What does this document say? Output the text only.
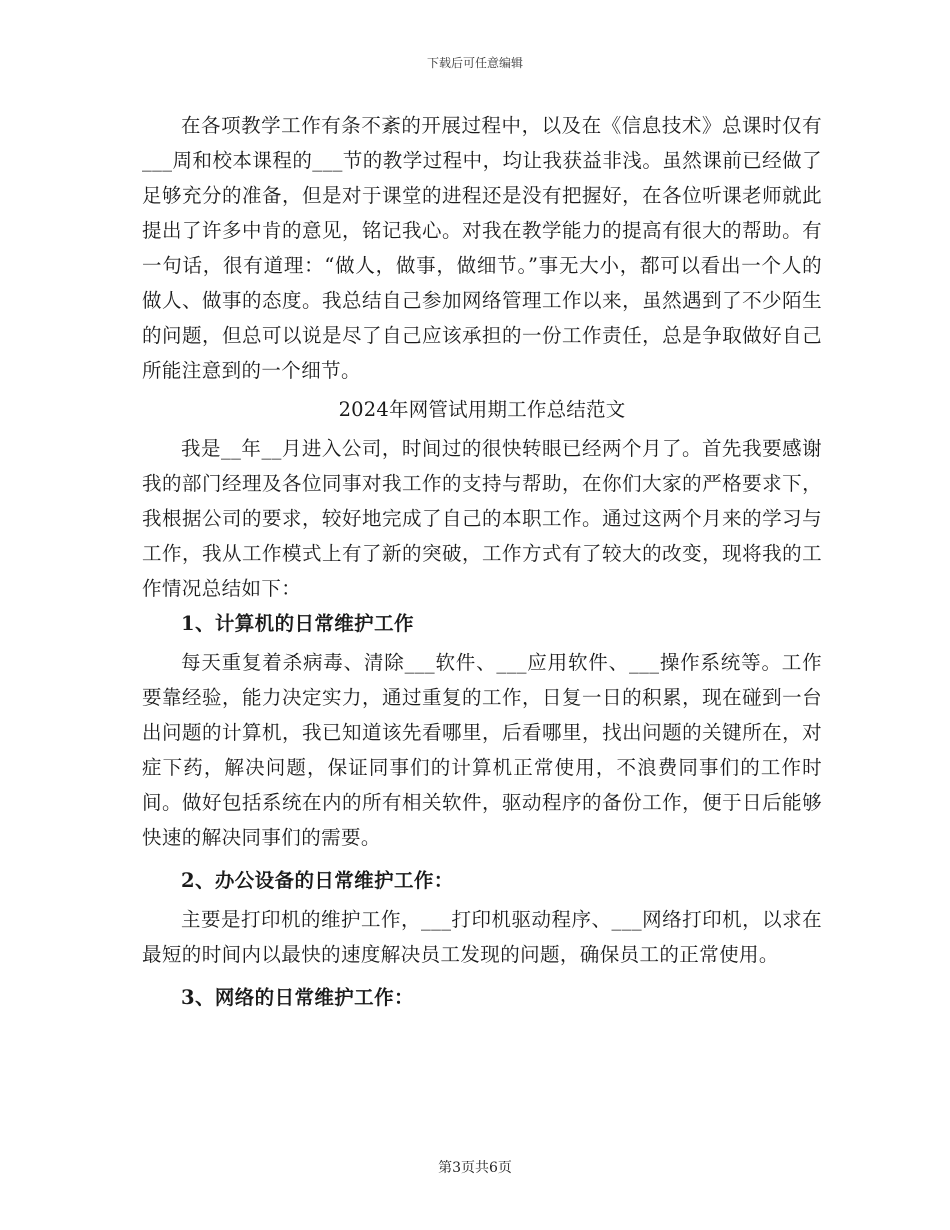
下载后可任意编辑

在各项教学工作有条不紊的开展过程中，以及在《信息技术》总课时仅有___周和校本课程的___节的教学过程中，均让我获益非浅。虽然课前已经做了足够充分的准备，但是对于课堂的进程还是没有把握好，在各位听课老师就此提出了许多中肯的意见，铭记我心。对我在教学能力的提高有很大的帮助。有一句话，很有道理：“做人，做事，做细节。”事无大小，都可以看出一个人的做人、做事的态度。我总结自己参加网络管理工作以来，虽然遇到了不少陌生的问题，但总可以说是尽了自己应该承担的一份工作责任，总是争取做好自己所能注意到的一个细节。

2024年网管试用期工作总结范文

我是__年__月进入公司，时间过的很快转眼已经两个月了。首先我要感谢我的部门经理及各位同事对我工作的支持与帮助，在你们大家的严格要求下，我根据公司的要求，较好地完成了自己的本职工作。通过这两个月来的学习与工作，我从工作模式上有了新的突破，工作方式有了较大的改变，现将我的工作情况总结如下：

1、计算机的日常维护工作

每天重复着杀病毒、清除___软件、___应用软件、___操作系统等。工作要靠经验，能力决定实力，通过重复的工作，日复一日的积累，现在碰到一台出问题的计算机，我已知道该先看哪里，后看哪里，找出问题的关键所在，对症下药，解决问题，保证同事们的计算机正常使用，不浪费同事们的工作时间。做好包括系统在内的所有相关软件，驱动程序的备份工作，便于日后能够快速的解决同事们的需要。

2、办公设备的日常维护工作：

主要是打印机的维护工作，___打印机驱动程序、___网络打印机，以求在最短的时间内以最快的速度解决员工发现的问题，确保员工的正常使用。

3、网络的日常维护工作：

第3页共6页
